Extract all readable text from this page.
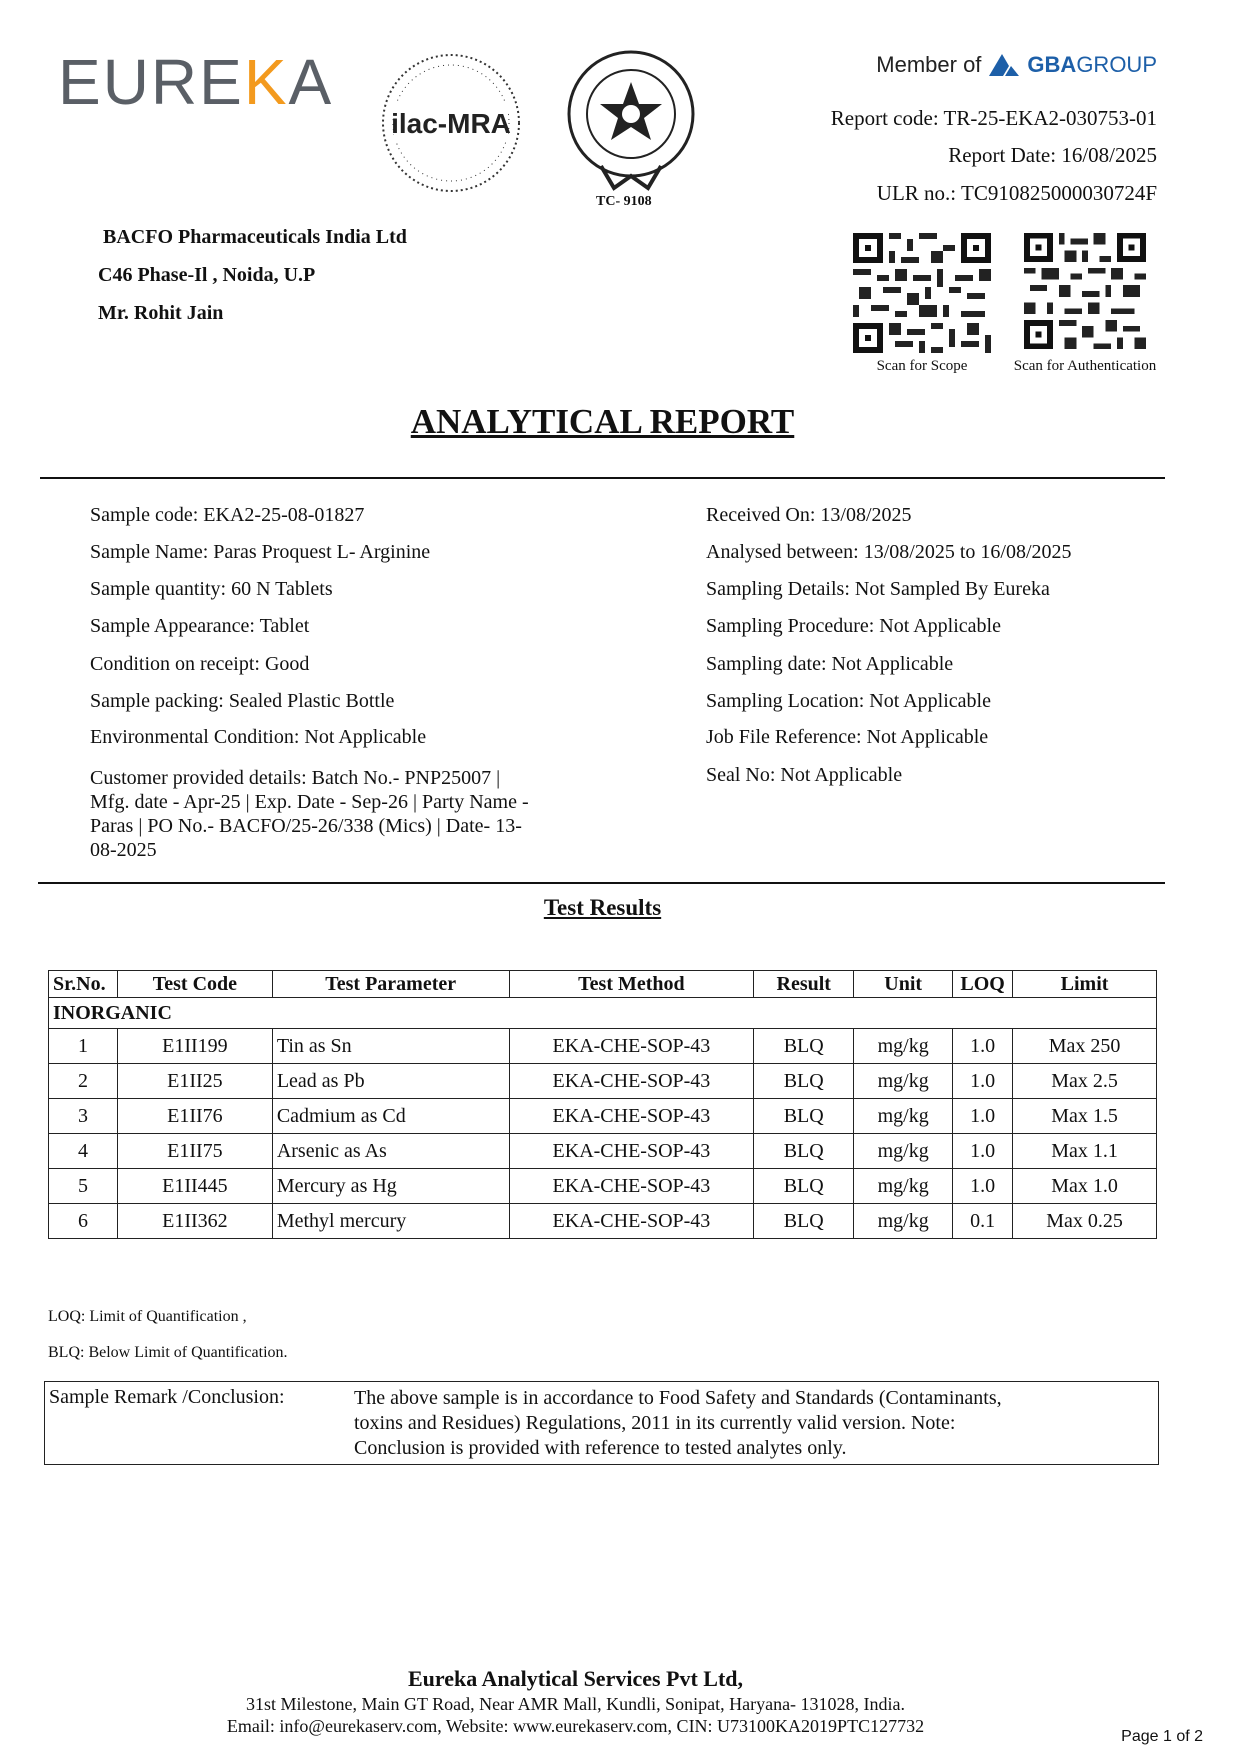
EUREKA
ilac-MRA
TC- 9108
Member of GBAGROUP
Report code: TR-25-EKA2-030753-01
Report Date: 16/08/2025
ULR no.: TC910825000030724F
BACFO Pharmaceuticals India Ltd
C46 Phase-Il , Noida, U.P
Mr. Rohit Jain
Scan for Scope	Scan for Authentication
ANALYTICAL REPORT
Sample code: EKA2-25-08-01827
Sample Name: Paras Proquest L- Arginine
Sample quantity: 60 N Tablets
Sample Appearance: Tablet
Condition on receipt: Good
Sample packing: Sealed Plastic Bottle
Environmental Condition: Not Applicable
Customer provided details: Batch No.- PNP25007 |
Mfg. date - Apr-25 | Exp. Date - Sep-26 | Party Name -
Paras | PO No.- BACFO/25-26/338 (Mics) | Date- 13-
08-2025
Received On: 13/08/2025
Analysed between: 13/08/2025 to 16/08/2025
Sampling Details: Not Sampled By Eureka
Sampling Procedure: Not Applicable
Sampling date: Not Applicable
Sampling Location: Not Applicable
Job File Reference: Not Applicable
Seal No: Not Applicable
Test Results
Sr.No.	Test Code	Test Parameter	Test Method	Result	Unit	LOQ	Limit
INORGANIC							
1	E1II199	Tin as Sn	EKA-CHE-SOP-43	BLQ	mg/kg	1.0	Max 250
2	E1II25	Lead as Pb	EKA-CHE-SOP-43	BLQ	mg/kg	1.0	Max 2.5
3	E1II76	Cadmium as Cd	EKA-CHE-SOP-43	BLQ	mg/kg	1.0	Max 1.5
4	E1II75	Arsenic as As	EKA-CHE-SOP-43	BLQ	mg/kg	1.0	Max 1.1
5	E1II445	Mercury as Hg	EKA-CHE-SOP-43	BLQ	mg/kg	1.0	Max 1.0
6	E1II362	Methyl mercury	EKA-CHE-SOP-43	BLQ	mg/kg	0.1	Max 0.25
LOQ: Limit of Quantification ,
BLQ: Below Limit of Quantification.
Sample Remark /Conclusion:	The above sample is in accordance to Food Safety and Standards (Contaminants,
toxins and Residues) Regulations, 2011 in its currently valid version. Note:
Conclusion is provided with reference to tested analytes only.
Eureka Analytical Services Pvt Ltd,
31st Milestone, Main GT Road, Near AMR Mall, Kundli, Sonipat, Haryana- 131028, India.
Email: info@eurekaserv.com, Website: www.eurekaserv.com, CIN: U73100KA2019PTC127732
Page 1 of 2
